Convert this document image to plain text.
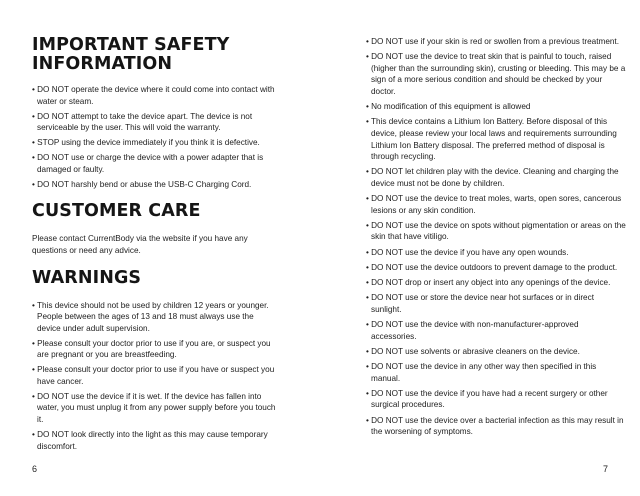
IMPORTANT SAFETY INFORMATION
• DO NOT operate the device where it could come into contact with water or steam.
• DO NOT attempt to take the device apart. The device is not serviceable by the user. This will void the warranty.
• STOP using the device immediately if you think it is defective.
• DO NOT use or charge the device with a power adapter that is damaged or faulty.
• DO NOT harshly bend or abuse the USB-C Charging Cord.
CUSTOMER CARE

Please contact CurrentBody via the website if you have any questions or need any advice.

WARNINGS
• This device should not be used by children 12 years or younger. People between the ages of 13 and 18 must always use the device under adult supervision.
• Please consult your doctor prior to use if you are, or suspect you are pregnant or you are breastfeeding.
• Please consult your doctor prior to use if you have or suspect you have cancer.
• DO NOT use the device if it is wet. If the device has fallen into water, you must unplug it from any power supply before you touch it.
• DO NOT look directly into the light as this may cause temporary discomfort.
6
• DO NOT use if your skin is red or swollen from a previous treatment.
• DO NOT use the device to treat skin that is painful to touch, raised (higher than the surrounding skin), crusting or bleeding. This may be a sign of a more serious condition and should be checked by your doctor.
• No modification of this equipment is allowed
• This device contains a Lithium Ion Battery. Before disposal of this device, please review your local laws and requirements surrounding Lithium Ion Battery disposal. The preferred method of disposal is through recycling.
• DO NOT let children play with the device. Cleaning and charging the device must not be done by children.
• DO NOT use the device to treat moles, warts, open sores, cancerous lesions or any skin condition.
• DO NOT use the device on spots without pigmentation or areas on the skin that have vitiligo.
• DO NOT use the device if you have any open wounds.
• DO NOT use the device outdoors to prevent damage to the product.
• DO NOT drop or insert any object into any openings of the device.
• DO NOT use or store the device near hot surfaces or in direct sunlight.
• DO NOT use the device with non-manufacturer-approved accessories.
• DO NOT use solvents or abrasive cleaners on the device.
• DO NOT use the device in any other way then specified in this manual.
• DO NOT use the device if you have had a recent surgery or other surgical procedures.
• DO NOT use the device over a bacterial infection as this may result in the worsening of symptoms.
7
